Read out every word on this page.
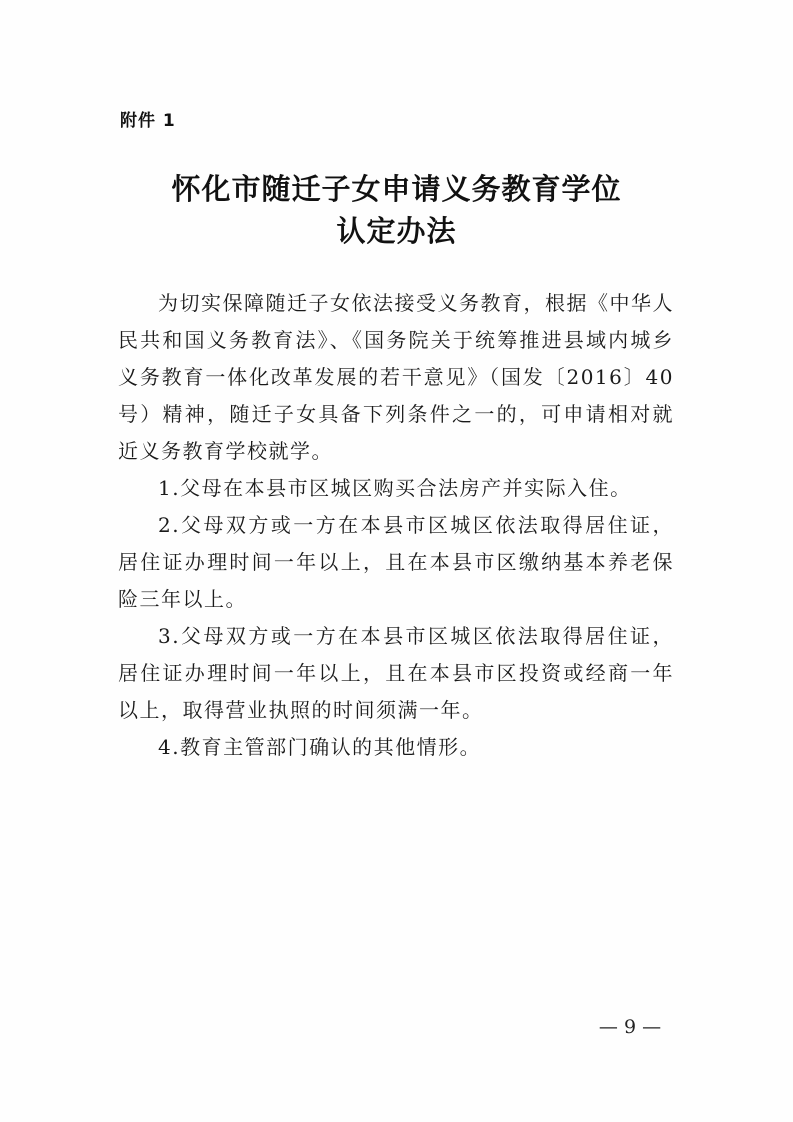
附件 1
怀化市随迁子女申请义务教育学位
认定办法

为切实保障随迁子女依法接受义务教育，根据《中华人民共和国义务教育法》、《国务院关于统筹推进县域内城乡义务教育一体化改革发展的若干意见》（国发〔2016〕40号）精神，随迁子女具备下列条件之一的，可申请相对就近义务教育学校就学。

1.父母在本县市区城区购买合法房产并实际入住。

2.父母双方或一方在本县市区城区依法取得居住证，居住证办理时间一年以上，且在本县市区缴纳基本养老保险三年以上。

3.父母双方或一方在本县市区城区依法取得居住证，居住证办理时间一年以上，且在本县市区投资或经商一年以上，取得营业执照的时间须满一年。

4.教育主管部门确认的其他情形。

— 9 —
